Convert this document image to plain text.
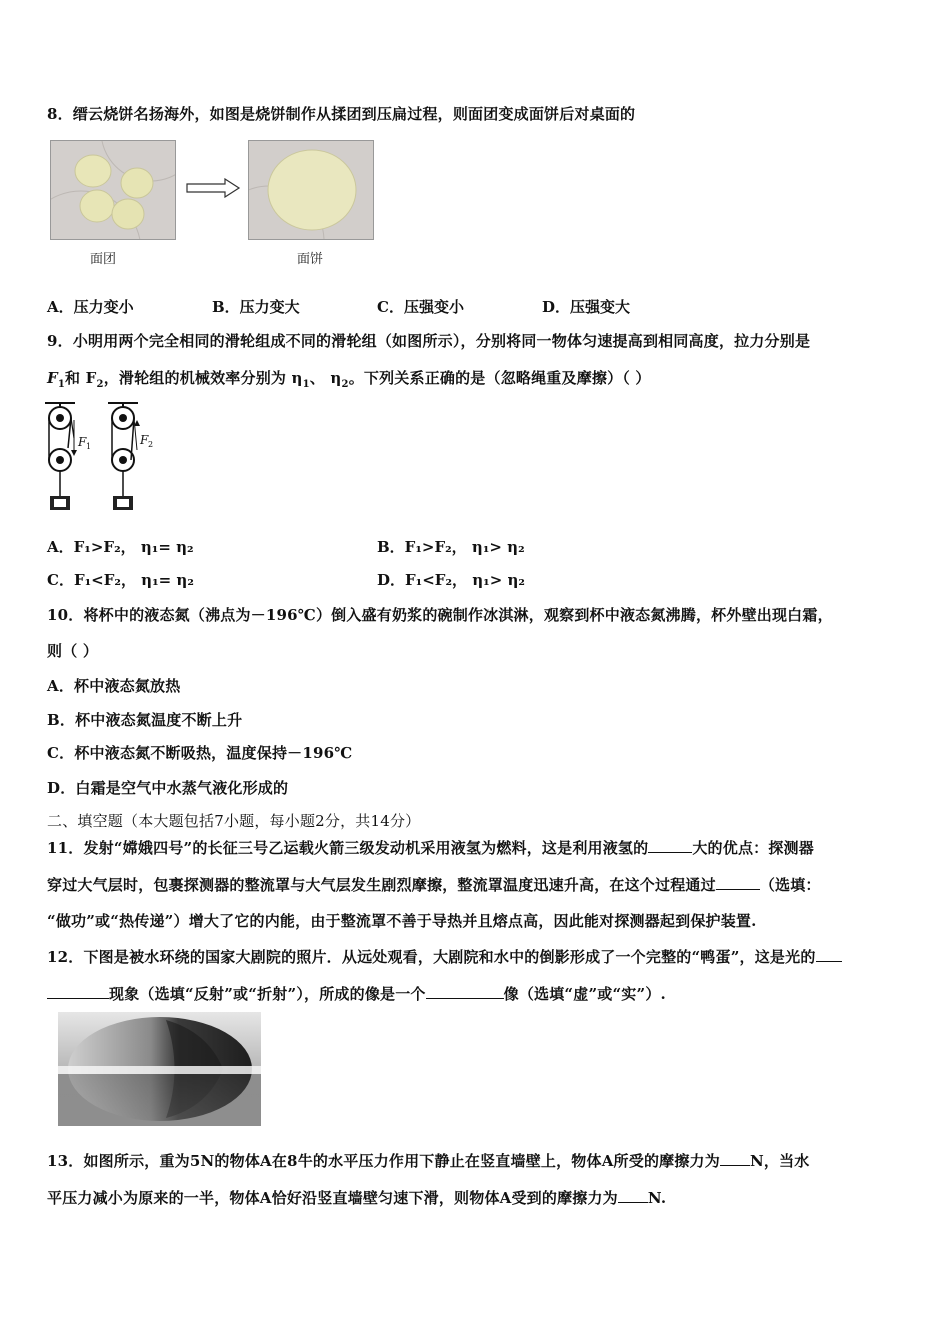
8．缙云烧饼名扬海外，如图是烧饼制作从揉团到压扁过程，则面团变成面饼后对桌面的
面团	面饼
A．压力变小	B．压力变大	C．压强变小	D．压强变大
9．小明用两个完全相同的滑轮组成不同的滑轮组（如图所示），分别将同一物体匀速提高到相同高度，拉力分别是
$F_1$和 $F_2$，滑轮组的机械效率分别为 $\eta_1$、 $\eta_2$。下列关系正确的是（忽略绳重及摩擦）（ ）
F 1	F 2
A．F₁>F₂， η₁= η₂	B．F₁>F₂， η₁> η₂
C．F₁<F₂， η₁= η₂	D．F₁<F₂， η₁> η₂
10．将杯中的液态氮（沸点为－196℃）倒入盛有奶浆的碗制作冰淇淋，观察到杯中液态氮沸腾，杯外壁出现白霜，
则（ ）
A．杯中液态氮放热
B．杯中液态氮温度不断上升
C．杯中液态氮不断吸热，温度保持－196℃
D．白霜是空气中水蒸气液化形成的
二、填空题（本大题包括7小题，每小题2分，共14分）
11．发射“嫦娥四号”的长征三号乙运载火箭三级发动机采用液氢为燃料，这是利用液氢的	大的优点：探测器
穿过大气层时，包裹探测器的整流罩与大气层发生剧烈摩擦，整流罩温度迅速升高，在这个过程通过	（选填：
“做功”或“热传递”）增大了它的内能，由于整流罩不善于导热并且熔点高，因此能对探测器起到保护装置.
12．下图是被水环绕的国家大剧院的照片．从远处观看，大剧院和水中的倒影形成了一个完整的“鸭蛋”，这是光的
现象（选填“反射”或“折射”），所成的像是一个	像（选填“虚”或“实”）.
13．如图所示，重为5N的物体A在8牛的水平压力作用下静止在竖直墙壁上，物体A所受的摩擦力为 N，当水
平压力减小为原来的一半，物体A恰好沿竖直墙壁匀速下滑，则物体A受到的摩擦力为 N.
